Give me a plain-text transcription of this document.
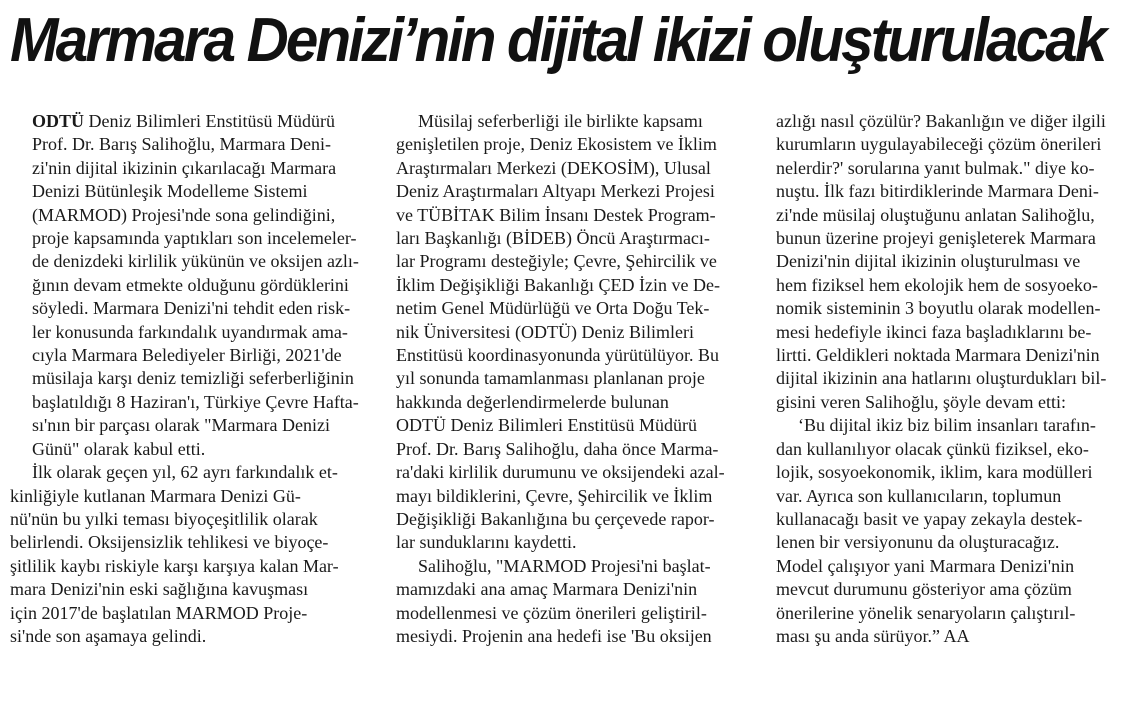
Marmara Denizi’nin dijital ikizi oluşturulacak

ODTÜ Deniz Bilimleri Enstitüsü Müdürü
Prof. Dr. Barış Salihoğlu, Marmara Deni-
zi'nin dijital ikizinin çıkarılacağı Marmara
Denizi Bütünleşik Modelleme Sistemi
(MARMOD) Projesi'nde sona gelindiğini,
proje kapsamında yaptıkları son incelemeler-
de denizdeki kirlilik yükünün ve oksijen azlı-
ğının devam etmekte olduğunu gördüklerini
söyledi. Marmara Denizi'ni tehdit eden risk-
ler konusunda farkındalık uyandırmak ama-
cıyla Marmara Belediyeler Birliği, 2021'de
müsilaja karşı deniz temizliği seferberliğinin
başlatıldığı 8 Haziran'ı, Türkiye Çevre Hafta-
sı'nın bir parçası olarak "Marmara Denizi
Günü" olarak kabul etti.

İlk olarak geçen yıl, 62 ayrı farkındalık et-
kinliğiyle kutlanan Marmara Denizi Gü-
nü'nün bu yılki teması biyoçeşitlilik olarak
belirlendi. Oksijensizlik tehlikesi ve biyoçe-
şitlilik kaybı riskiyle karşı karşıya kalan Mar-
mara Denizi'nin eski sağlığına kavuşması
için 2017'de başlatılan MARMOD Proje-
si'nde son aşamaya gelindi.

Müsilaj seferberliği ile birlikte kapsamı
genişletilen proje, Deniz Ekosistem ve İklim
Araştırmaları Merkezi (DEKOSİM), Ulusal
Deniz Araştırmaları Altyapı Merkezi Projesi
ve TÜBİTAK Bilim İnsanı Destek Program-
ları Başkanlığı (BİDEB) Öncü Araştırmacı-
lar Programı desteğiyle; Çevre, Şehircilik ve
İklim Değişikliği Bakanlığı ÇED İzin ve De-
netim Genel Müdürlüğü ve Orta Doğu Tek-
nik Üniversitesi (ODTÜ) Deniz Bilimleri
Enstitüsü koordinasyonunda yürütülüyor. Bu
yıl sonunda tamamlanması planlanan proje
hakkında değerlendirmelerde bulunan
ODTÜ Deniz Bilimleri Enstitüsü Müdürü
Prof. Dr. Barış Salihoğlu, daha önce Marma-
ra'daki kirlilik durumunu ve oksijendeki azal-
mayı bildiklerini, Çevre, Şehircilik ve İklim
Değişikliği Bakanlığına bu çerçevede rapor-
lar sunduklarını kaydetti.

Salihoğlu, "MARMOD Projesi'ni başlat-
mamızdaki ana amaç Marmara Denizi'nin
modellenmesi ve çözüm önerileri geliştiril-
mesiydi. Projenin ana hedefi ise 'Bu oksijen

azlığı nasıl çözülür? Bakanlığın ve diğer ilgili
kurumların uygulayabileceği çözüm önerileri
nelerdir?' sorularına yanıt bulmak." diye ko-
nuştu. İlk fazı bitirdiklerinde Marmara Deni-
zi'nde müsilaj oluştuğunu anlatan Salihoğlu,
bunun üzerine projeyi genişleterek Marmara
Denizi'nin dijital ikizinin oluşturulması ve
hem fiziksel hem ekolojik hem de sosyoeko-
nomik sisteminin 3 boyutlu olarak modellen-
mesi hedefiyle ikinci faza başladıklarını be-
lirtti. Geldikleri noktada Marmara Denizi'nin
dijital ikizinin ana hatlarını oluşturdukları bil-
gisini veren Salihoğlu, şöyle devam etti:

‘Bu dijital ikiz biz bilim insanları tarafın-
dan kullanılıyor olacak çünkü fiziksel, eko-
lojik, sosyoekonomik, iklim, kara modülleri
var. Ayrıca son kullanıcıların, toplumun
kullanacağı basit ve yapay zekayla destek-
lenen bir versiyonunu da oluşturacağız.
Model çalışıyor yani Marmara Denizi'nin
mevcut durumunu gösteriyor ama çözüm
önerilerine yönelik senaryoların çalıştırıl-
ması şu anda sürüyor.” AA
